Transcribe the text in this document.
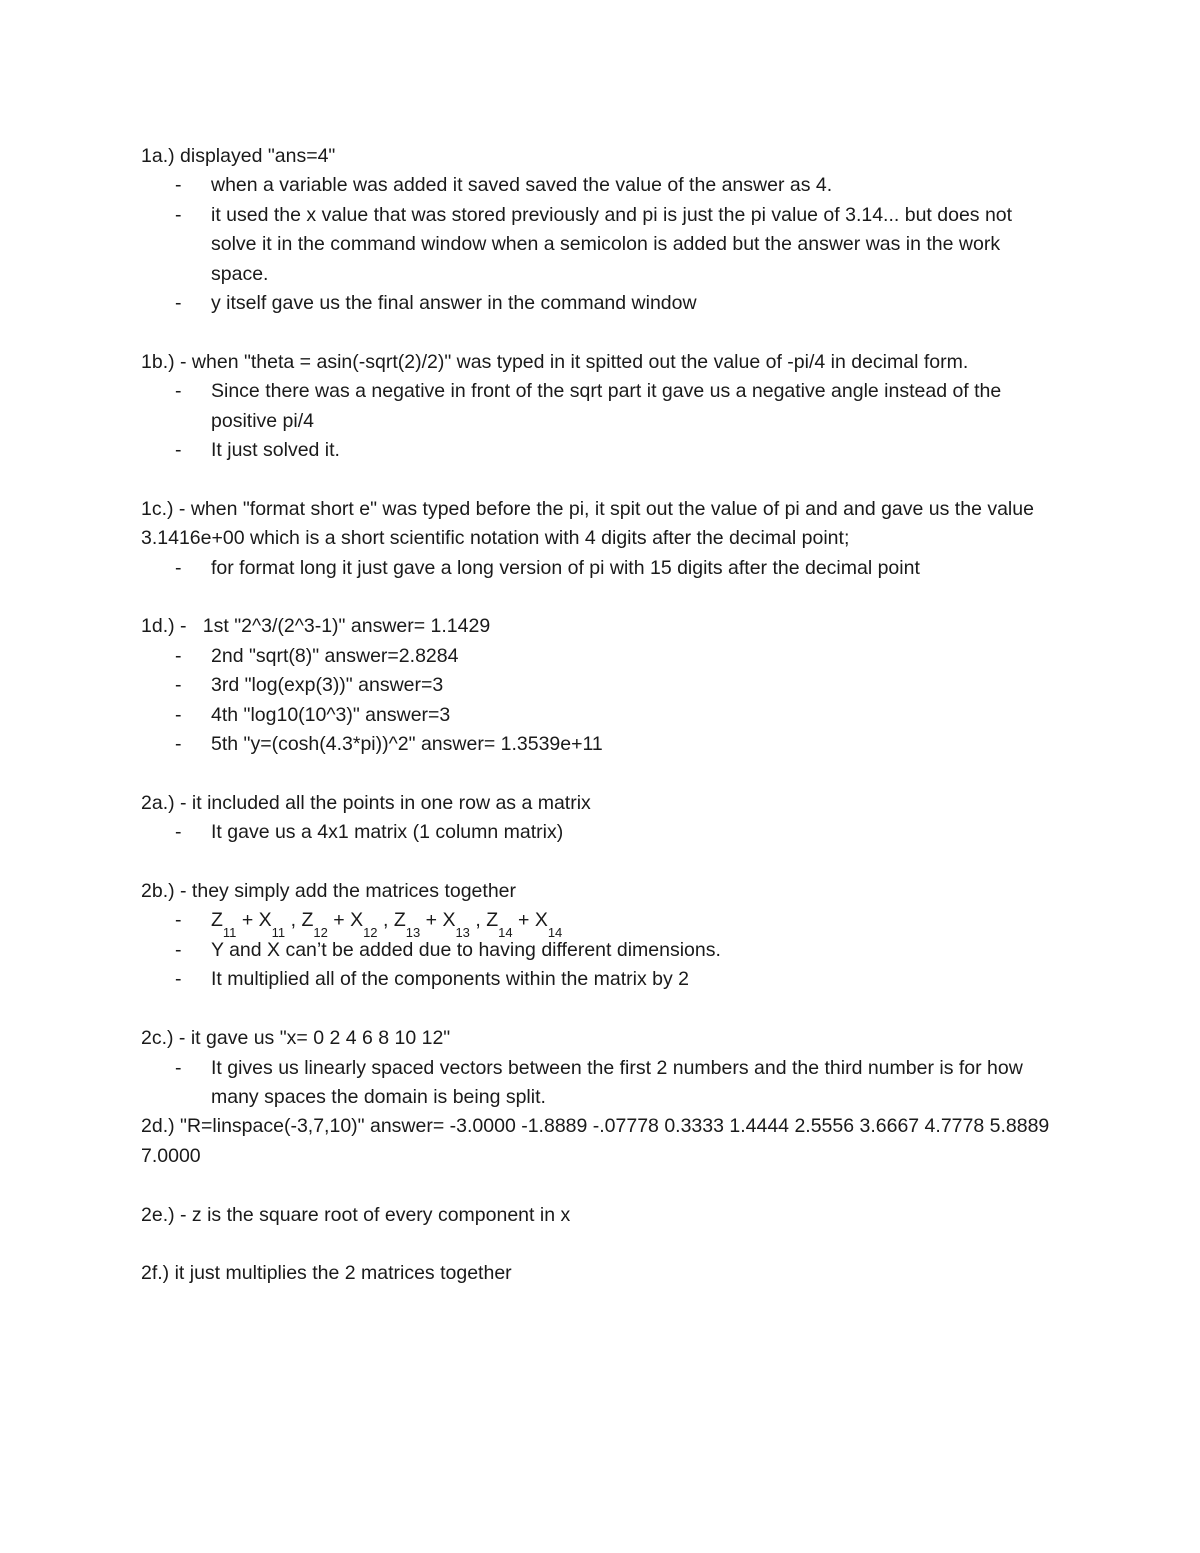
1a.) displayed "ans=4"

- when a variable was added it saved saved the value of the answer as 4.
- it used the x value that was stored previously and pi is just the pi value of 3.14... but does not solve it in the command window when a semicolon is added but the answer was in the work space.
- y itself gave us the final answer in the command window

1b.) - when "theta = asin(-sqrt(2)/2)" was typed in it spitted out the value of -pi/4 in decimal form.

- Since there was a negative in front of the sqrt part it gave us a negative angle instead of the positive pi/4
- It just solved it.

1c.) - when "format short e" was typed before the pi, it spit out the value of pi and and gave us the value 3.1416e+00 which is a short scientific notation with 4 digits after the decimal point;

- for format long it just gave a long version of pi with 15 digits after the decimal point

1d.) -   1st "2^3/(2^3-1)" answer= 1.1429

- 2nd "sqrt(8)" answer=2.8284
- 3rd "log(exp(3))" answer=3
- 4th "log10(10^3)" answer=3
- 5th "y=(cosh(4.3*pi))^2" answer= 1.3539e+11

2a.) - it included all the points in one row as a matrix

- It gave us a 4x1 matrix (1 column matrix)

2b.) - they simply add the matrices together

- $Z_{11} + X_{11}$ , $Z_{12} + X_{12}$ , $Z_{13} + X_{13}$ , $Z_{14} + X_{14}$
- Y and X can’t be added due to having different dimensions.
- It multiplied all of the components within the matrix by 2

2c.) - it gave us "x= 0 2 4 6 8 10 12"

- It gives us linearly spaced vectors between the first 2 numbers and the third number is for how many spaces the domain is being split.

2d.) "R=linspace(-3,7,10)" answer= -3.0000 -1.8889 -.07778 0.3333 1.4444 2.5556 3.6667 4.7778 5.8889 7.0000

2e.) - z is the square root of every component in x

2f.) it just multiplies the 2 matrices together
